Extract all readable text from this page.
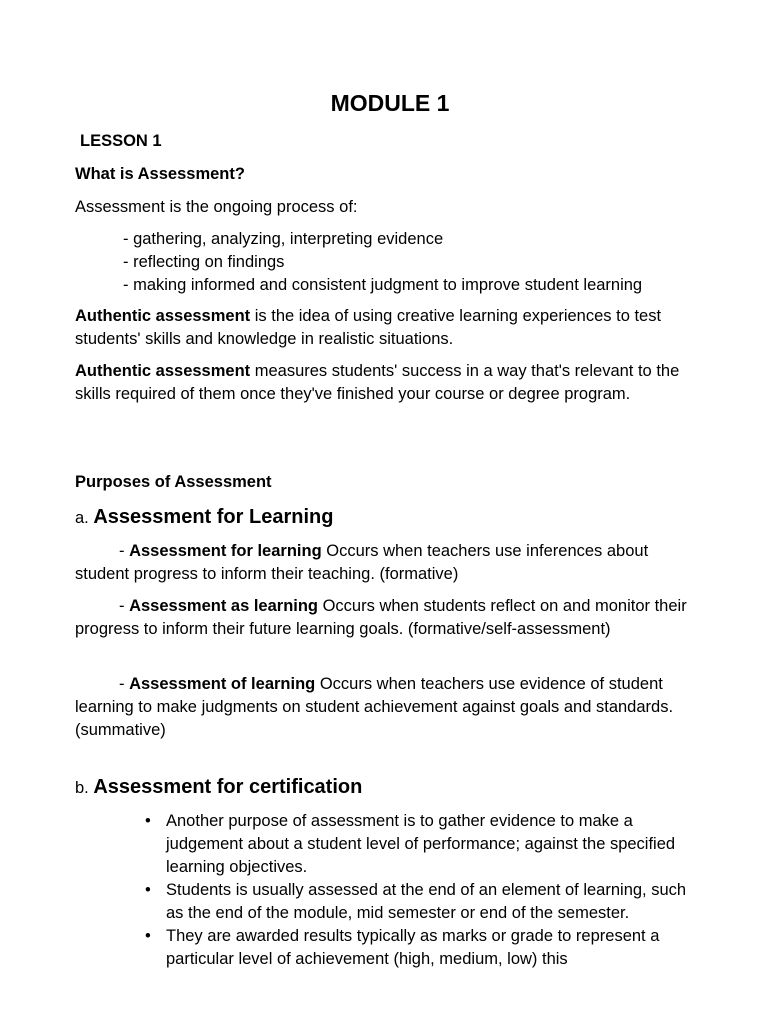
MODULE 1
LESSON 1
What is Assessment?
Assessment is the ongoing process of:
- gathering, analyzing, interpreting evidence
- reflecting on findings
- making informed and consistent judgment to improve student learning
Authentic assessment is the idea of using creative learning experiences to test students' skills and knowledge in realistic situations.
Authentic assessment measures students' success in a way that's relevant to the skills required of them once they've finished your course or degree program.
Purposes of Assessment
a. Assessment for Learning
- Assessment for learning Occurs when teachers use inferences about student progress to inform their teaching. (formative)
- Assessment as learning Occurs when students reflect on and monitor their progress to inform their future learning goals. (formative/self-assessment)
- Assessment of learning Occurs when teachers use evidence of student learning to make judgments on student achievement against goals and standards. (summative)
b. Assessment for certification
• Another purpose of assessment is to gather evidence to make a judgement about a student level of performance; against the specified learning objectives.
• Students is usually assessed at the end of an element of learning, such as the end of the module, mid semester or end of the semester.
• They are awarded results typically as marks or grade to represent a particular level of achievement (high, medium, low) this
